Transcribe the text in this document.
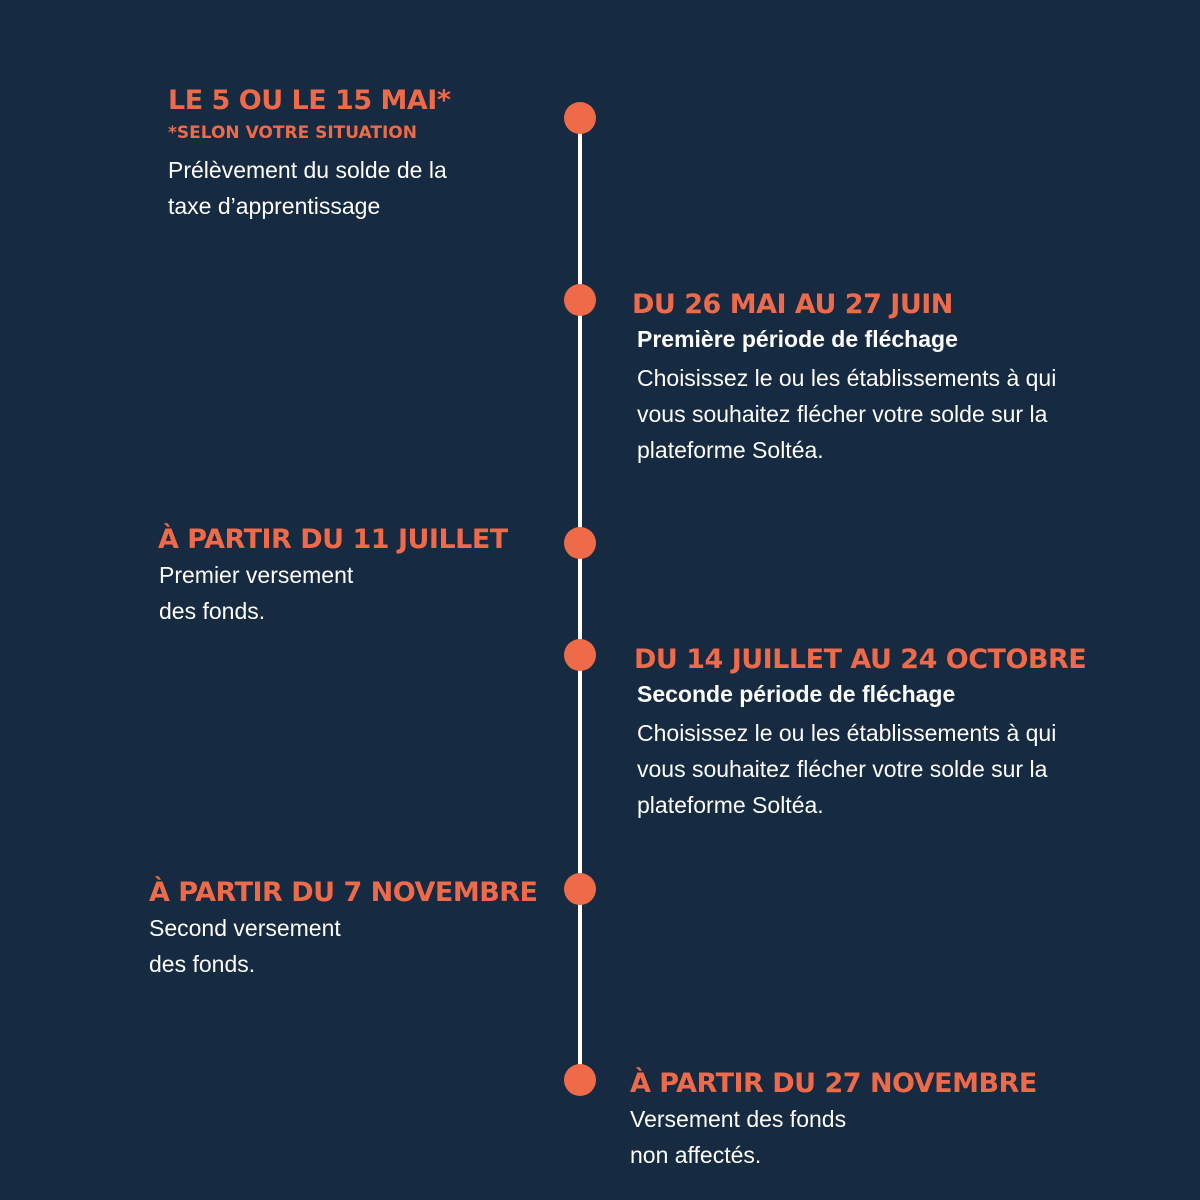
LE 5 OU LE 15 MAI*
*SELON VOTRE SITUATION
Prélèvement du solde de la
taxe d’apprentissage
DU 26 MAI AU 27 JUIN
Première période de fléchage
Choisissez le ou les établissements à qui
vous souhaitez flécher votre solde sur la
plateforme Soltéa.
À PARTIR DU 11 JUILLET
Premier versement
des fonds.
DU 14 JUILLET AU 24 OCTOBRE
Seconde période de fléchage
Choisissez le ou les établissements à qui
vous souhaitez flécher votre solde sur la
plateforme Soltéa.
À PARTIR DU 7 NOVEMBRE
Second versement
des fonds.
À PARTIR DU 27 NOVEMBRE
Versement des fonds
non affectés.
